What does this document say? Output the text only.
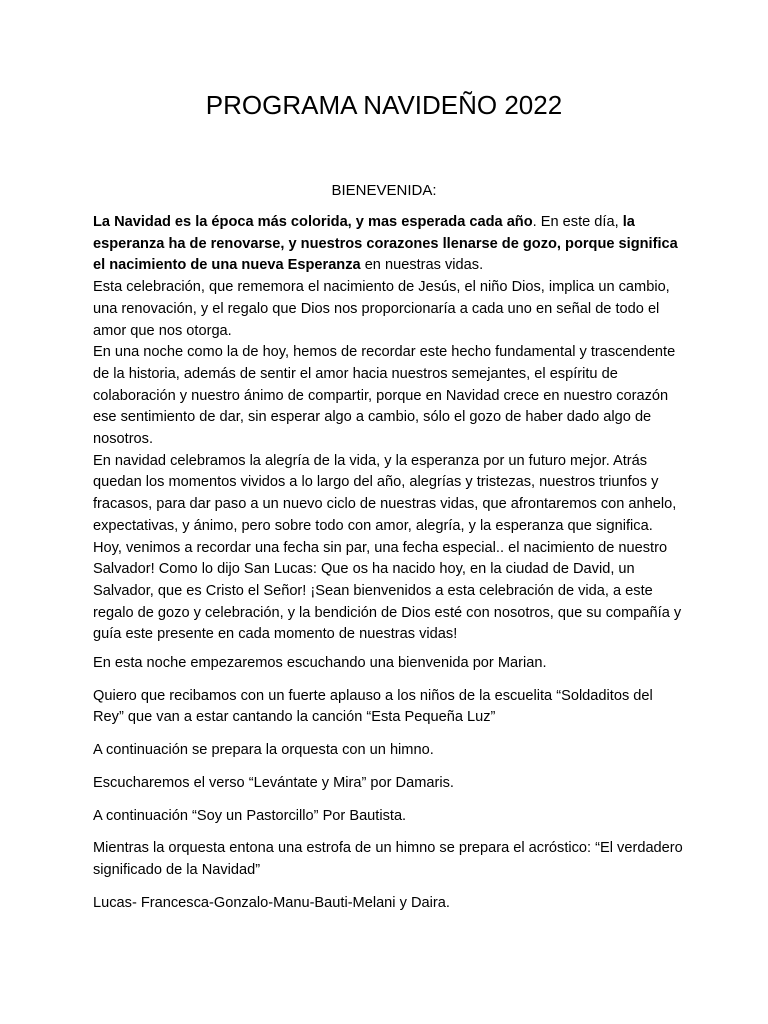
PROGRAMA NAVIDEÑO 2022

BIENEVENIDA:

La Navidad es la época más colorida, y mas esperada cada año. En este día, la esperanza ha de renovarse, y nuestros corazones llenarse de gozo, porque significa el nacimiento de una nueva Esperanza en nuestras vidas.
Esta celebración, que rememora el nacimiento de Jesús, el niño Dios, implica un cambio, una renovación, y el regalo que Dios nos proporcionaría a cada uno en señal de todo el amor que nos otorga.
En una noche como la de hoy, hemos de recordar este hecho fundamental y trascendente de la historia, además de sentir el amor hacia nuestros semejantes, el espíritu de colaboración y nuestro ánimo de compartir, porque en Navidad crece en nuestro corazón ese sentimiento de dar, sin esperar algo a cambio, sólo el gozo de haber dado algo de nosotros.
En navidad celebramos la alegría de la vida, y la esperanza por un futuro mejor. Atrás quedan los momentos vividos a lo largo del año, alegrías y tristezas, nuestros triunfos y fracasos, para dar paso a un nuevo ciclo de nuestras vidas, que afrontaremos con anhelo, expectativas, y ánimo, pero sobre todo con amor, alegría, y la esperanza que significa. Hoy, venimos a recordar una fecha sin par, una fecha especial.. el nacimiento de nuestro Salvador! Como lo dijo San Lucas: Que os ha nacido hoy, en la ciudad de David, un Salvador, que es Cristo el Señor! ¡Sean bienvenidos a esta celebración de vida, a este regalo de gozo y celebración, y la bendición de Dios esté con nosotros, que su compañía y guía este presente en cada momento de nuestras vidas!

En esta noche empezaremos escuchando una bienvenida por Marian.

Quiero que recibamos con un fuerte aplauso a los niños de la escuelita “Soldaditos del Rey” que van a estar cantando la canción “Esta Pequeña Luz”

A continuación se prepara la orquesta con un himno.

Escucharemos el verso “Levántate y Mira” por Damaris.

A continuación “Soy un Pastorcillo” Por Bautista.

Mientras la orquesta entona una estrofa de un himno se prepara el acróstico: “El verdadero significado de la Navidad”

Lucas- Francesca-Gonzalo-Manu-Bauti-Melani y Daira.
